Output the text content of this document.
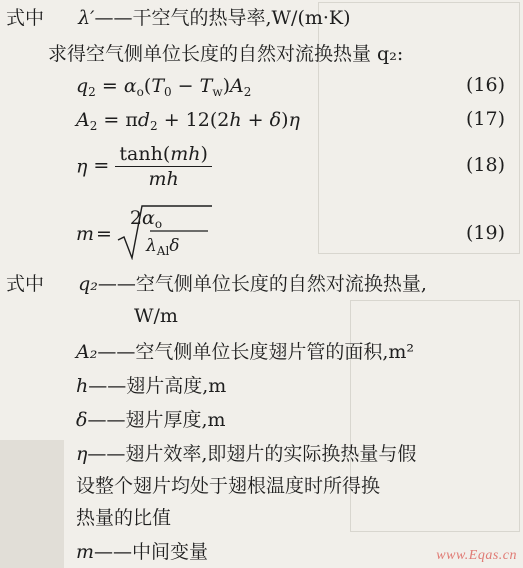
式中 λ′——干空气的热导率,W/(m·K)
求得空气侧单位长度的自然对流换热量 q₂:
$q_2 = \alpha_o(T_0 - T_w)A_2$	(16)
$A_2 = \pi d_2 + 12(2h + \delta)\eta$	(17)
$\eta = \frac{\tanh(mh)}{mh}$	(18)
m =
$2\alpha_o$
$\lambda_{Al}\delta$
(19)
式中 q₂——空气侧单位长度的自然对流换热量,
W/m
A₂——空气侧单位长度翅片管的面积,m²
h——翅片高度,m
δ——翅片厚度,m
η——翅片效率,即翅片的实际换热量与假
设整个翅片均处于翅根温度时所得换
热量的比值
m——中间变量	www.Eqas.cn
